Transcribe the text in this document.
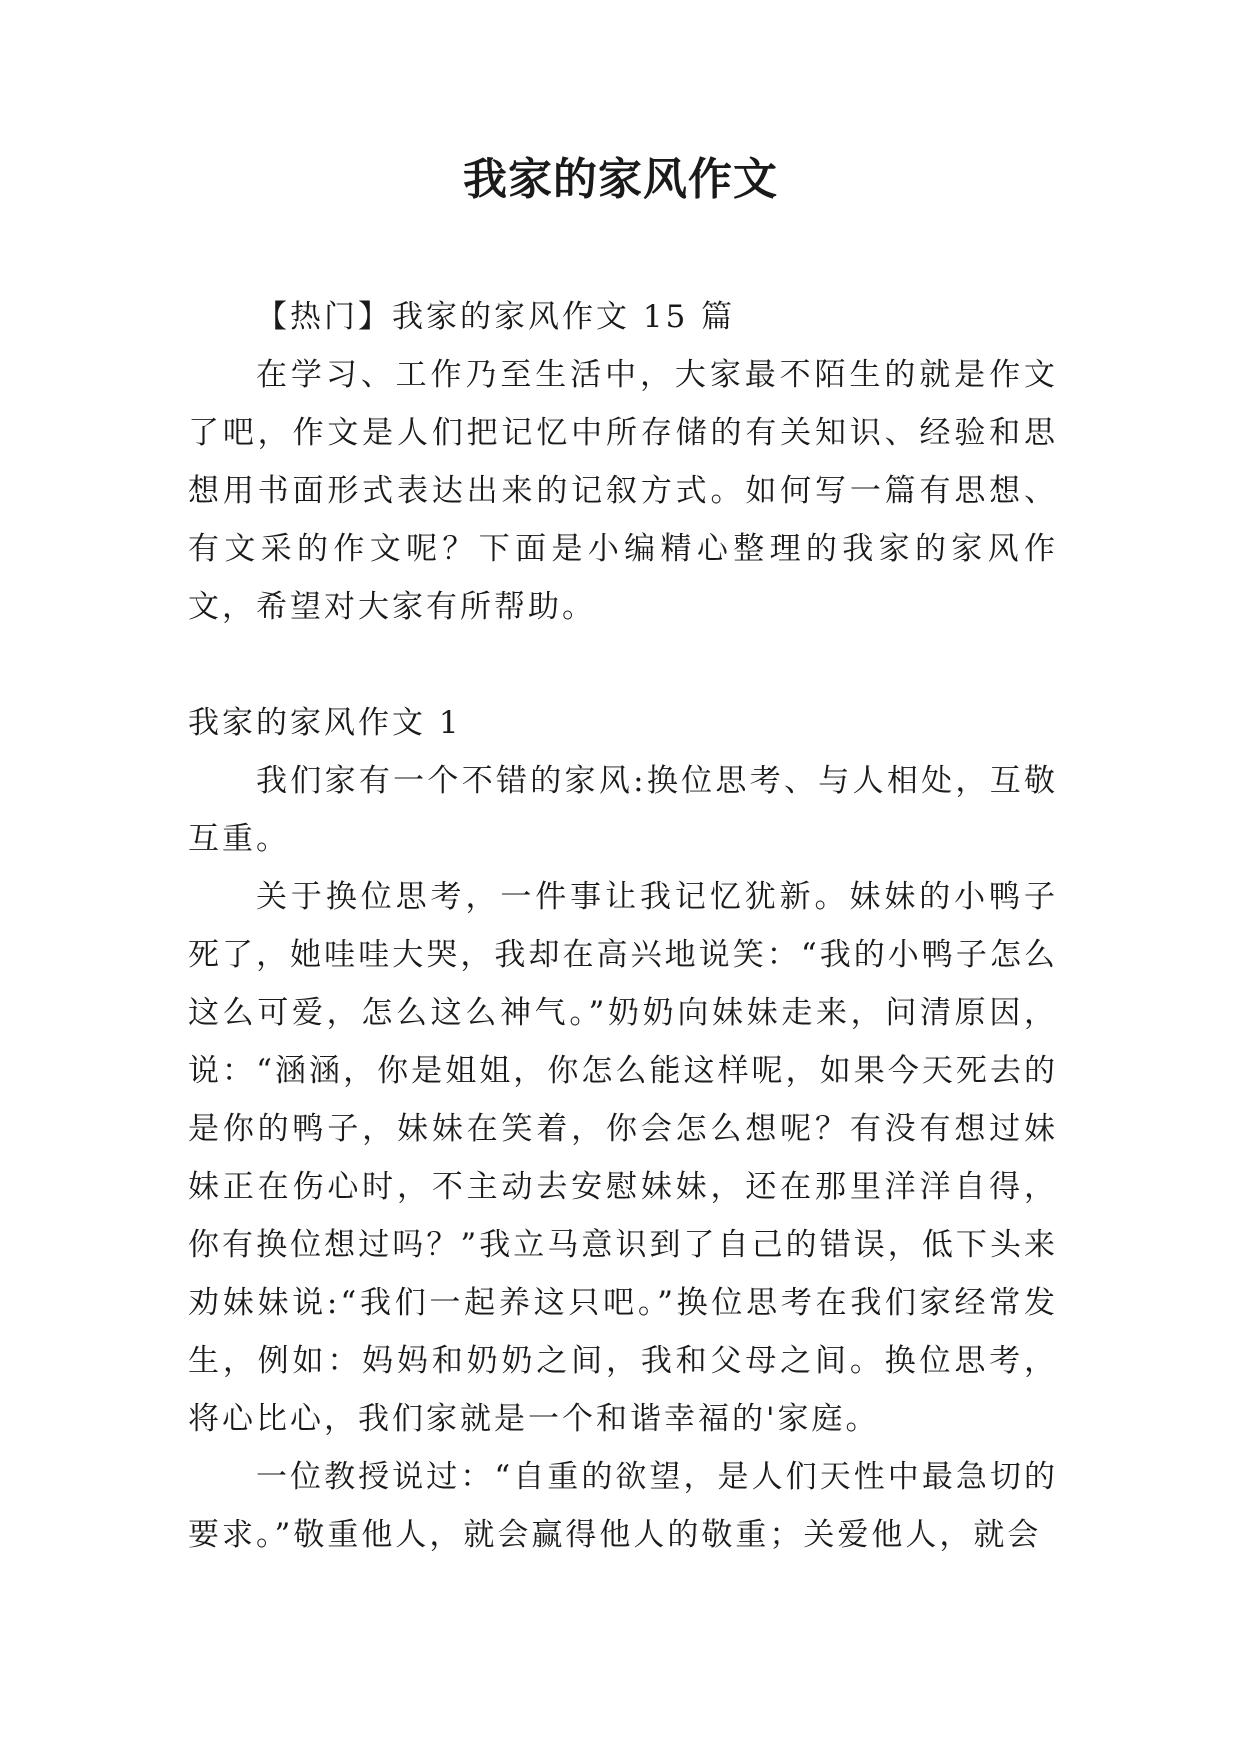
我家的家风作文

【热门】我家的家风作文 15 篇

在学习、工作乃至生活中，大家最不陌生的就是作文了吧，作文是人们把记忆中所存储的有关知识、经验和思想用书面形式表达出来的记叙方式。如何写一篇有思想、有文采的作文呢？下面是小编精心整理的我家的家风作文，希望对大家有所帮助。

我家的家风作文 1

我们家有一个不错的家风:换位思考、与人相处，互敬互重。

关于换位思考，一件事让我记忆犹新。妹妹的小鸭子死了，她哇哇大哭，我却在高兴地说笑：“我的小鸭子怎么这么可爱，怎么这么神气。”奶奶向妹妹走来，问清原因，说：“涵涵，你是姐姐，你怎么能这样呢，如果今天死去的是你的鸭子，妹妹在笑着，你会怎么想呢？有没有想过妹妹正在伤心时，不主动去安慰妹妹，还在那里洋洋自得，你有换位想过吗？”我立马意识到了自己的错误，低下头来劝妹妹说:“我们一起养这只吧。”换位思考在我们家经常发生，例如：妈妈和奶奶之间，我和父母之间。换位思考，将心比心，我们家就是一个和谐幸福的'家庭。

一位教授说过：“自重的欲望，是人们天性中最急切的要求。”敬重他人，就会赢得他人的敬重；关爱他人，就会
